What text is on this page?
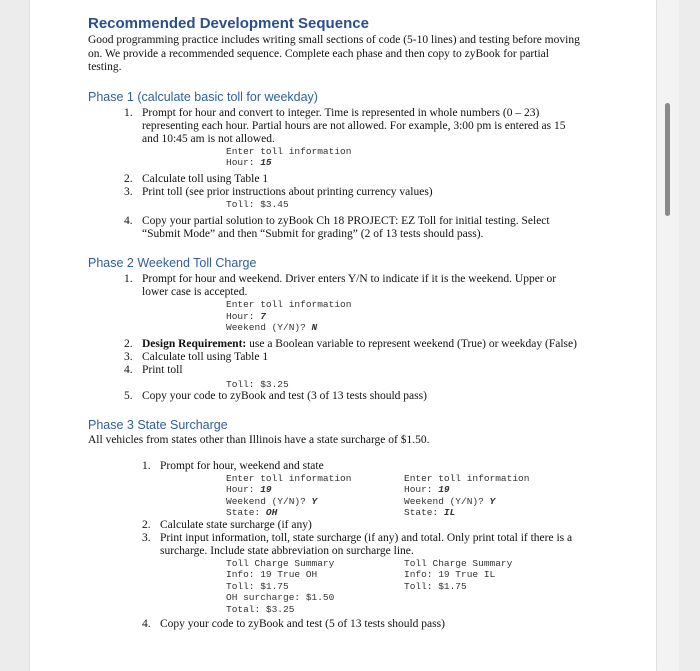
Recommended Development Sequence

Good programming practice includes writing small sections of code (5-10 lines) and testing before moving on. We provide a recommended sequence. Complete each phase and then copy to zyBook for partial testing.

Phase 1 (calculate basic toll for weekday)
1. Prompt for hour and convert to integer. Time is represented in whole numbers (0 – 23) representing each hour. Partial hours are not allowed. For example, 3:00 pm is entered as 15 and 10:45 am is not allowed.
Enter toll information
Hour: 15
2. Calculate toll using Table 1
3. Print toll (see prior instructions about printing currency values)
Toll: $3.45
4. Copy your partial solution to zyBook Ch 18 PROJECT: EZ Toll for initial testing. Select “Submit Mode” and then “Submit for grading” (2 of 13 tests should pass).
Phase 2 Weekend Toll Charge
1. Prompt for hour and weekend. Driver enters Y/N to indicate if it is the weekend. Upper or lower case is accepted.
Enter toll information
Hour: 7
Weekend (Y/N)? N
2. Design Requirement: use a Boolean variable to represent weekend (True) or weekday (False)
3. Calculate toll using Table 1
4. Print toll
Toll: $3.25
5. Copy your code to zyBook and test (3 of 13 tests should pass)
Phase 3 State Surcharge

All vehicles from states other than Illinois have a state surcharge of $1.50.

1. Prompt for hour, weekend and state
Enter toll information
Hour: 19
Weekend (Y/N)? Y
State: OH
Enter toll information
Hour: 19
Weekend (Y/N)? Y
State: IL
2. Calculate state surcharge (if any)
3. Print input information, toll, state surcharge (if any) and total. Only print total if there is a surcharge. Include state abbreviation on surcharge line.
Toll Charge Summary
Info: 19 True OH
Toll: $1.75
OH surcharge: $1.50
Total: $3.25
Toll Charge Summary
Info: 19 True IL
Toll: $1.75
4. Copy your code to zyBook and test (5 of 13 tests should pass)
